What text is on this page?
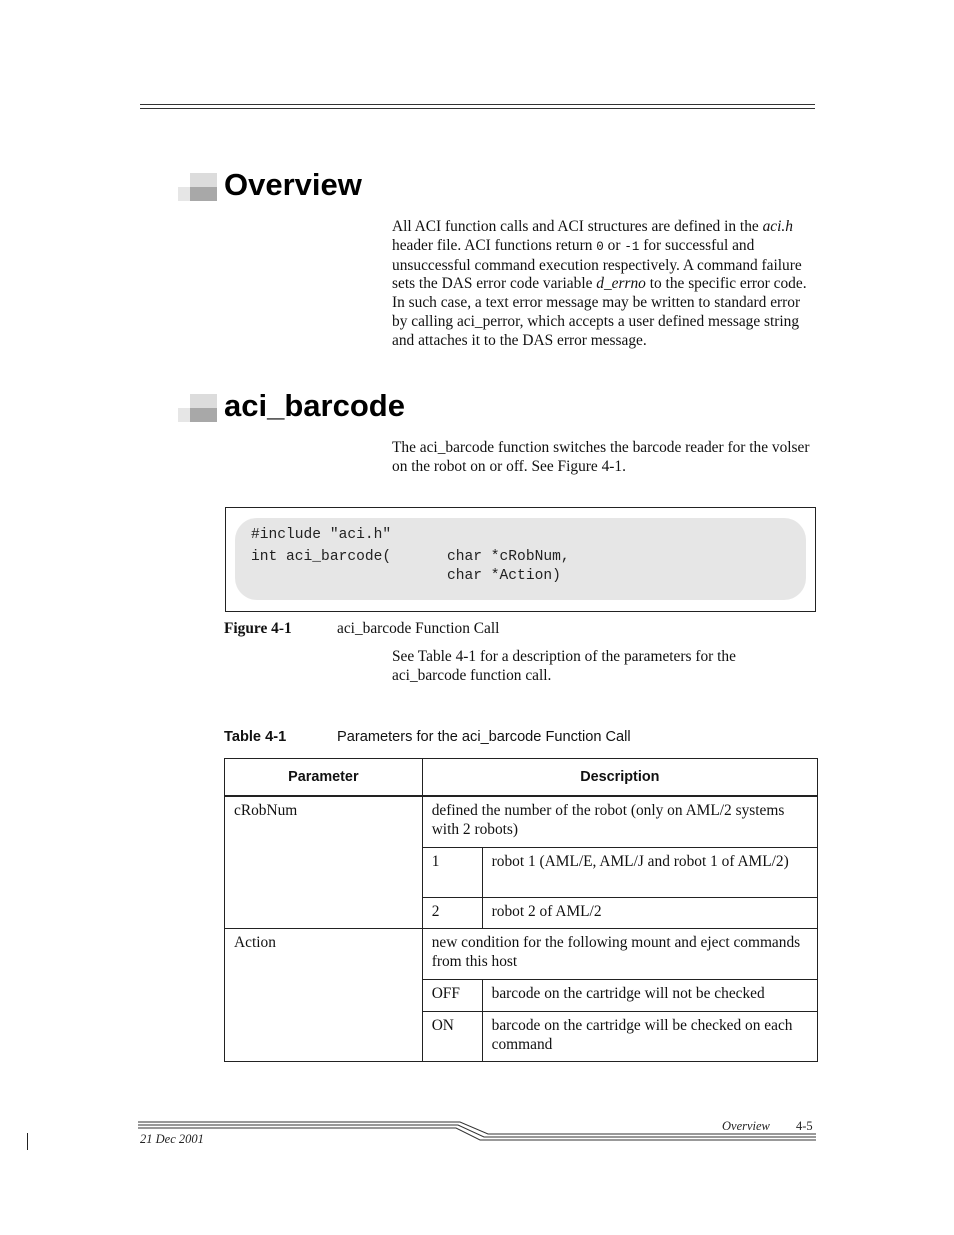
Overview
All ACI function calls and ACI structures are defined in the aci.h header file. ACI functions return 0 or -1 for successful and unsuccessful command execution respectively. A command failure sets the DAS error code variable d_errno to the specific error code. In such case, a text error message may be written to standard error by calling aci_perror, which accepts a user defined message string and attaches it to the DAS error message.
aci_barcode
The aci_barcode function switches the barcode reader for the volser on the robot on or off. See Figure 4-1.
#include "aci.h"
int aci_barcode(	char *cRobNum,
char *Action)
Figure 4-1	aci_barcode Function Call
See Table 4-1 for a description of the parameters for the aci_barcode function call.
Table 4-1	Parameters for the aci_barcode Function Call
Parameter	Description	

cRobNum	defined the number of the robot (only on AML/2 systems with 2 robots)	

	1	robot 1 (AML/E, AML/J and robot 1 of AML/2)

	2	robot 2 of AML/2

Action	new condition for the following mount and eject commands from this host	

	OFF	barcode on the cartridge will not be checked

	ON	barcode on the cartridge will be checked on each command
Overview 4-5
21 Dec 2001
